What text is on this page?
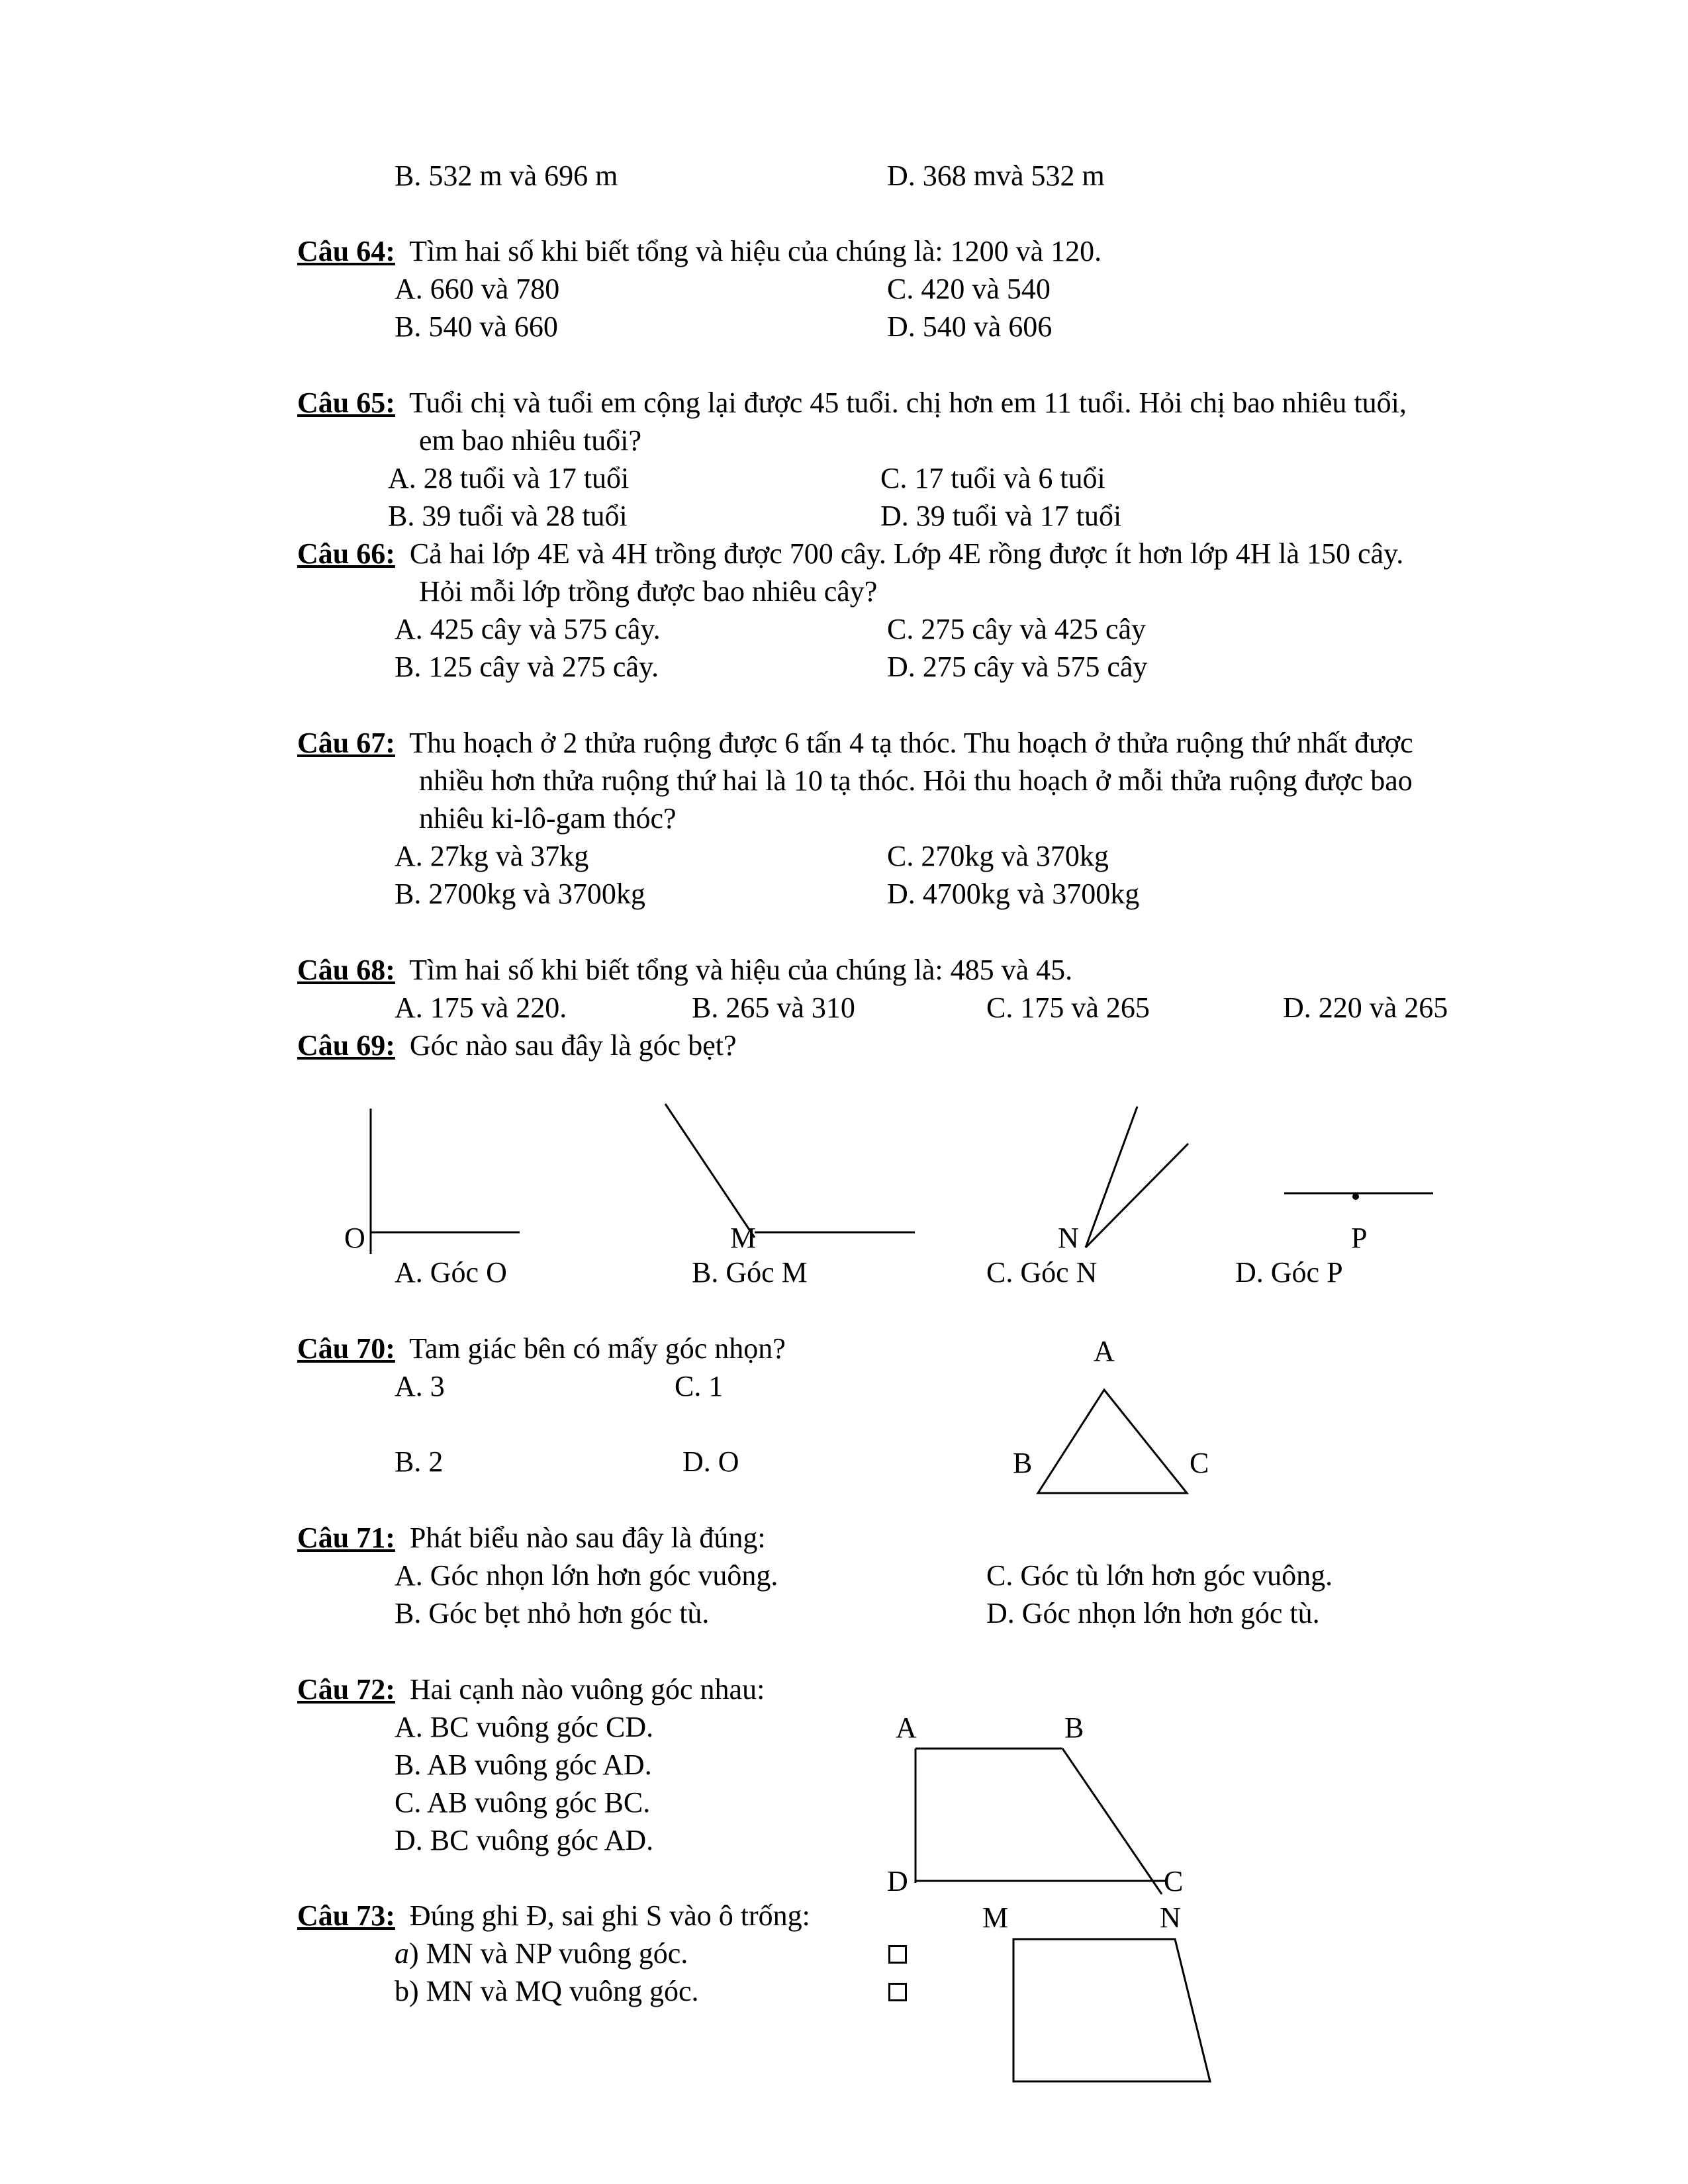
B. 532 m và 696 m	D. 368 mvà 532 m
Câu 64: Tìm hai số khi biết tổng và hiệu của chúng là: 1200 và 120.
A. 660 và 780	C. 420 và 540
B. 540 và 660	D. 540 và 606
Câu 65: Tuổi chị và tuổi em cộng lại được 45 tuổi. chị hơn em 11 tuổi. Hỏi chị bao nhiêu tuổi,
em bao nhiêu tuổi?
A. 28 tuổi và 17 tuổi	C. 17 tuổi và 6 tuổi
B. 39 tuổi và 28 tuổi	D. 39 tuổi và 17 tuổi
Câu 66: Cả hai lớp 4E và 4H trồng được 700 cây. Lớp 4E rồng được ít hơn lớp 4H là 150 cây.
Hỏi mỗi lớp trồng được bao nhiêu cây?
A. 425 cây và 575 cây.	C. 275 cây và 425 cây
B. 125 cây và 275 cây.	D. 275 cây và 575 cây
Câu 67: Thu hoạch ở 2 thửa ruộng được 6 tấn 4 tạ thóc. Thu hoạch ở thửa ruộng thứ nhất được
nhiều hơn thửa ruộng thứ hai là 10 tạ thóc. Hỏi thu hoạch ở mỗi thửa ruộng được bao
nhiêu ki-lô-gam thóc?
A. 27kg và 37kg	C. 270kg và 370kg
B. 2700kg và 3700kg	D. 4700kg và 3700kg
Câu 68: Tìm hai số khi biết tổng và hiệu của chúng là: 485 và 45.
A. 175 và 220.	B. 265 và 310	C. 175 và 265	D. 220 và 265
Câu 69: Góc nào sau đây là góc bẹt?
O	M	N	P
A
B	C
A	B
C
D
M	N
A. Góc O	B. Góc M	C. Góc N	D. Góc P
Câu 70: Tam giác bên có mấy góc nhọn?
A. 3	C. 1
B. 2	D. O
Câu 71: Phát biểu nào sau đây là đúng:
A. Góc nhọn lớn hơn góc vuông.	C. Góc tù lớn hơn góc vuông.
B. Góc bẹt nhỏ hơn góc tù.	D. Góc nhọn lớn hơn góc tù.
Câu 72: Hai cạnh nào vuông góc nhau:
A. BC vuông góc CD.
B. AB vuông góc AD.
C. AB vuông góc BC.
D. BC vuông góc AD.
Câu 73: Đúng ghi Đ, sai ghi S vào ô trống:
a) MN và NP vuông góc.
b) MN và MQ vuông góc.
